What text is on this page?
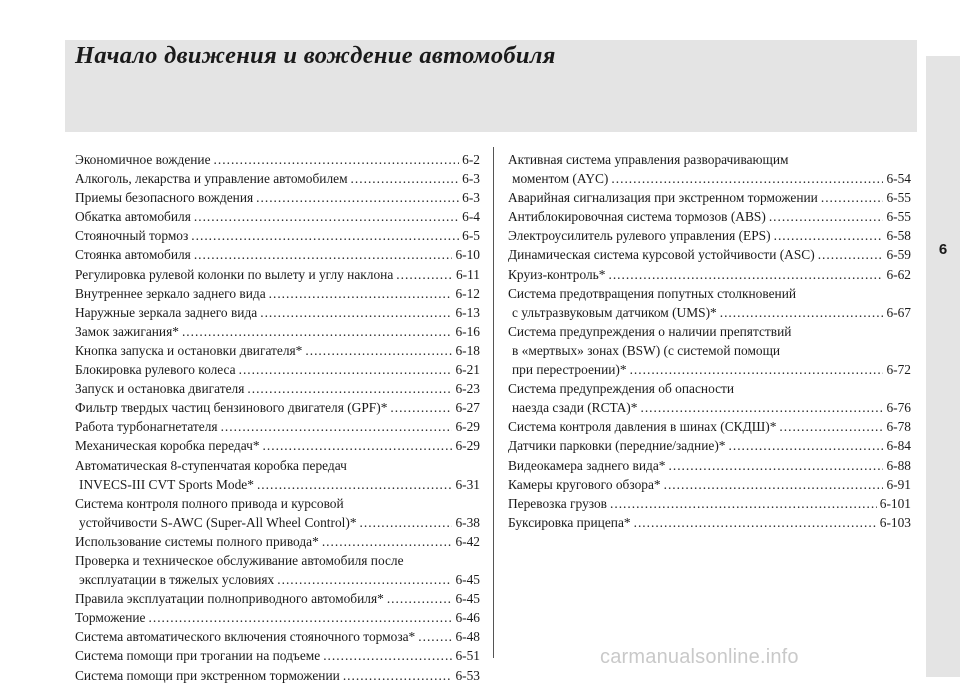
Начало движения и вождение автомобиля
6
Экономичное вождение .....	6-2
Алкоголь, лекарства и управление автомобилем .....	6-3
Приемы безопасного вождения .....	6-3
Обкатка автомобиля .....	6-4
Стояночный тормоз .....	6-5
Стоянка автомобиля .....	6-10
Регулировка рулевой колонки по вылету и углу наклона .....	6-11
Внутреннее зеркало заднего вида .....	6-12
Наружные зеркала заднего вида .....	6-13
Замок зажигания* .....	6-16
Кнопка запуска и остановки двигателя* .....	6-18
Блокировка рулевого колеса .....	6-21
Запуск и остановка двигателя .....	6-23
Фильтр твердых частиц бензинового двигателя (GPF)* .....	6-27
Работа турбонагнетателя .....	6-29
Механическая коробка передач* .....	6-29
Автоматическая 8-ступенчатая коробка передач
INVECS-III CVT Sports Mode* .....	6-31
Система контроля полного привода и курсовой
устойчивости S-AWC (Super-All Wheel Control)* .....	6-38
Использование системы полного привода* .....	6-42
Проверка и техническое обслуживание автомобиля после
эксплуатации в тяжелых условиях .....	6-45
Правила эксплуатации полноприводного автомобиля* .....	6-45
Торможение .....	6-46
Система автоматического включения стояночного тормоза* .....	6-48
Система помощи при трогании на подъеме .....	6-51
Система помощи при экстренном торможении .....	6-53
Активная система управления разворачивающим
моментом (AYC) .....	6-54
Аварийная сигнализация при экстренном торможении .....	6-55
Антиблокировочная система тормозов (ABS) .....	6-55
Электроусилитель рулевого управления (EPS) .....	6-58
Динамическая система курсовой устойчивости (ASC) .....	6-59
Круиз-контроль* .....	6-62
Система предотвращения попутных столкновений
с ультразвуковым датчиком (UMS)* .....	6-67
Система предупреждения о наличии препятствий
в «мертвых» зонах (BSW) (с системой помощи
при перестроении)* .....	6-72
Система предупреждения об опасности
наезда сзади (RCTA)* .....	6-76
Система контроля давления в шинах (СКДШ)* .....	6-78
Датчики парковки (передние/задние)* .....	6-84
Видеокамера заднего вида* .....	6-88
Камеры кругового обзора* .....	6-91
Перевозка грузов .....	6-101
Буксировка прицепа* .....	6-103
carmanualsonline.info
